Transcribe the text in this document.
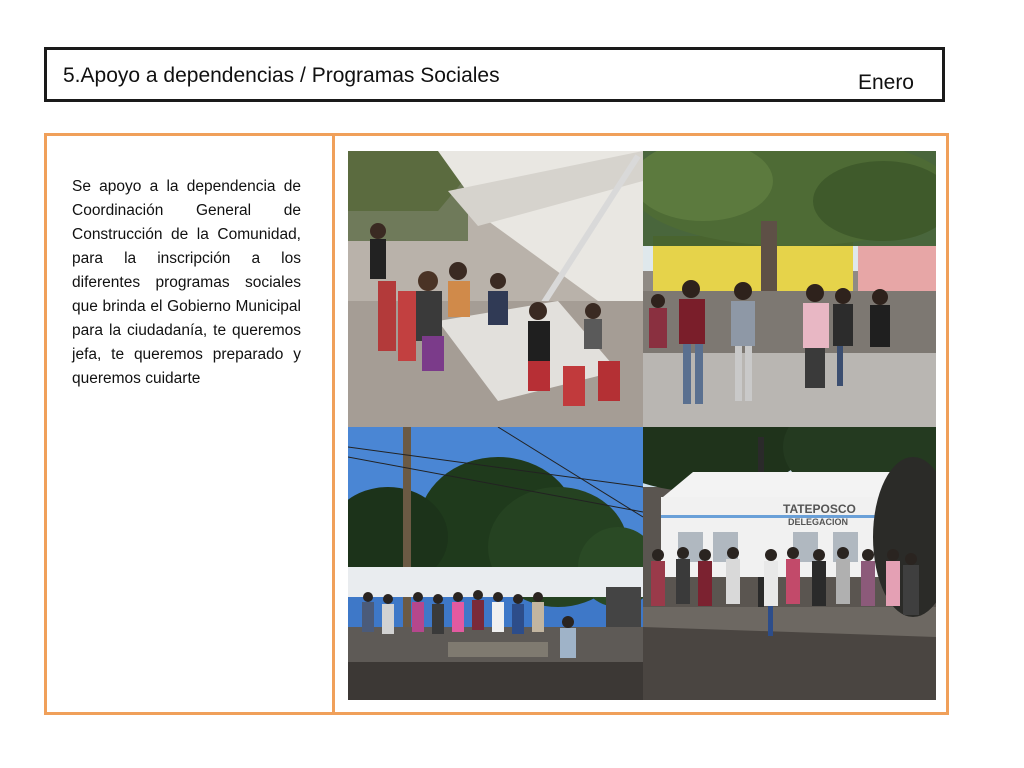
5.Apoyo a dependencias / Programas Sociales	Enero
Se apoyo a la dependencia de Coordinación General de Construcción de la Comunidad, para la inscripción a los diferentes programas sociales que brinda el Gobierno Municipal para la ciudadanía, te queremos jefa, te queremos preparado y queremos cuidarte
TATEPOSCO
DELEGACION
